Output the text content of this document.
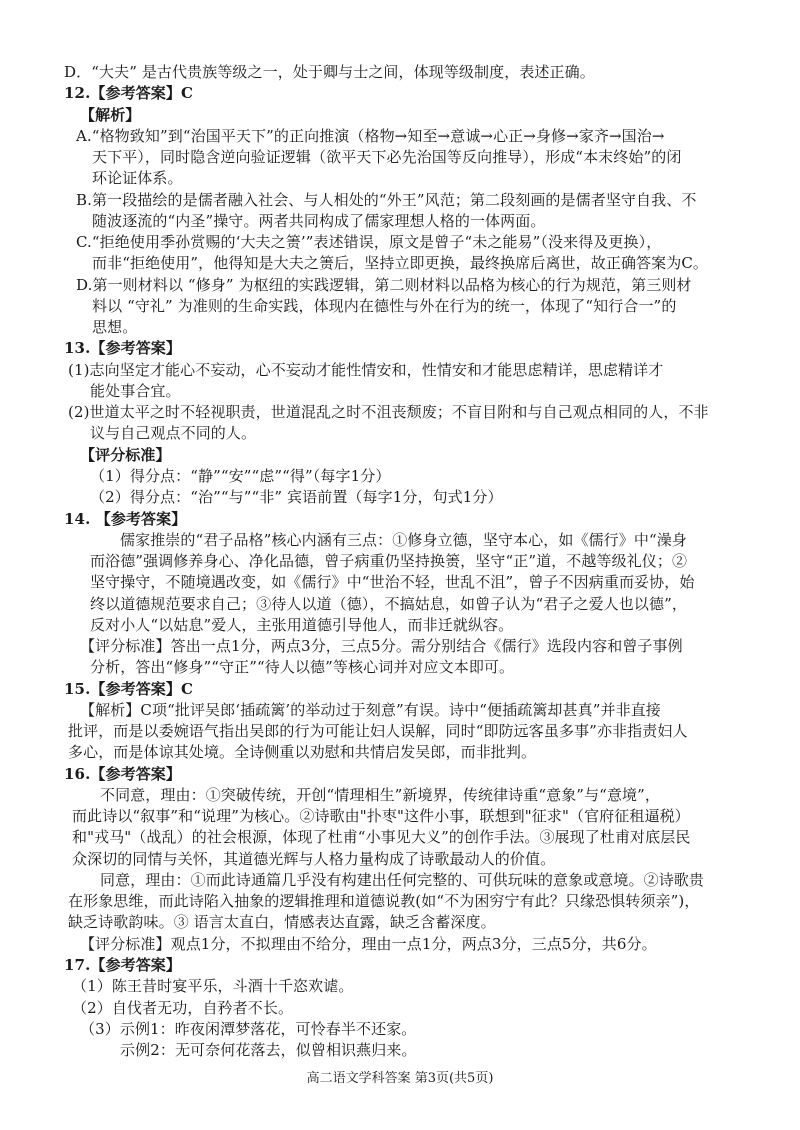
D．“大夫” 是古代贵族等级之一，处于卿与士之间，体现等级制度，表述正确。
12.【参考答案】C
【解析】
A.“格物致知”到“治国平天下”的正向推演（格物→知至→意诚→心正→身修→家齐→国治→
天下平），同时隐含逆向验证逻辑（欲平天下必先治国等反向推导），形成“本末终始”的闭
环论证体系。
B.第一段描绘的是儒者融入社会、与人相处的“外王”风范；第二段刻画的是儒者坚守自我、不
随波逐流的“内圣”操守。两者共同构成了儒家理想人格的一体两面。
C.“拒绝使用季孙赏赐的‘大夫之箦’”表述错误，原文是曾子“未之能易”（没来得及更换），
而非“拒绝使用”，他得知是大夫之箦后，坚持立即更换，最终换席后离世，故正确答案为C。
D.第一则材料以 “修身” 为枢纽的实践逻辑，第二则材料以品格为核心的行为规范，第三则材
料以 “守礼” 为准则的生命实践，体现内在德性与外在行为的统一，体现了“知行合一”的
思想。
13.【参考答案】
(1)志向坚定才能心不妄动，心不妄动才能性情安和，性情安和才能思虑精详，思虑精详才
能处事合宜。
(2)世道太平之时不轻视职责，世道混乱之时不沮丧颓废；不盲目附和与自己观点相同的人，不非
议与自己观点不同的人。
【评分标准】
（1）得分点：“静”“安”“虑”“得”（每字1分）
（2）得分点：“治”“与”“非” 宾语前置（每字1分，句式1分）
14. 【参考答案】
儒家推崇的“君子品格”核心内涵有三点：①修身立德，坚守本心，如《儒行》中“澡身
而浴德”强调修养身心、净化品德，曾子病重仍坚持换箦，坚守“正”道，不越等级礼仪；②
坚守操守，不随境遇改变，如《儒行》中“世治不轻，世乱不沮”，曾子不因病重而妥协，始
终以道德规范要求自己；③待人以道（德），不搞姑息，如曾子认为“君子之爱人也以德”，
反对小人“以姑息”爱人，主张用道德引导他人，而非迁就纵容。
【评分标准】答出一点1分，两点3分，三点5分。需分别结合《儒行》选段内容和曾子事例
分析，答出“修身”“守正”“待人以德”等核心词并对应文本即可。
15.【参考答案】C
【解析】C项“批评吴郎‘插疏篱’的举动过于刻意”有误。诗中“便插疏篱却甚真”并非直接
批评，而是以委婉语气指出吴郎的行为可能让妇人误解，同时“即防远客虽多事”亦非指责妇人
多心，而是体谅其处境。全诗侧重以劝慰和共情启发吴郎，而非批判。
16.【参考答案】
不同意，理由：①突破传统，开创“情理相生”新境界，传统律诗重“意象”与“意境”，
而此诗以“叙事”和“说理”为核心。②诗歌由"扑枣"这件小事，联想到"征求"（官府征租逼税）
和"戎马"（战乱）的社会根源，体现了杜甫“小事见大义”的创作手法。③展现了杜甫对底层民
众深切的同情与关怀，其道德光辉与人格力量构成了诗歌最动人的价值。
同意，理由：①而此诗通篇几乎没有构建出任何完整的、可供玩味的意象或意境。②诗歌贵
在形象思维，而此诗陷入抽象的逻辑推理和道德说教(如“不为困穷宁有此？只缘恐惧转须亲”)，
缺乏诗歌韵味。③ 语言太直白，情感表达直露，缺乏含蓄深度。
【评分标准】观点1分，不拟理由不给分，理由一点1分，两点3分，三点5分，共6分。
17.【参考答案】
（1）陈王昔时宴平乐，斗酒十千恣欢谑。
（2）自伐者无功，自矜者不长。
（3）示例1：昨夜闲潭梦落花，可怜春半不还家。
示例2：无可奈何花落去，似曾相识燕归来。
高二语文学科答案 第3页(共5页)
